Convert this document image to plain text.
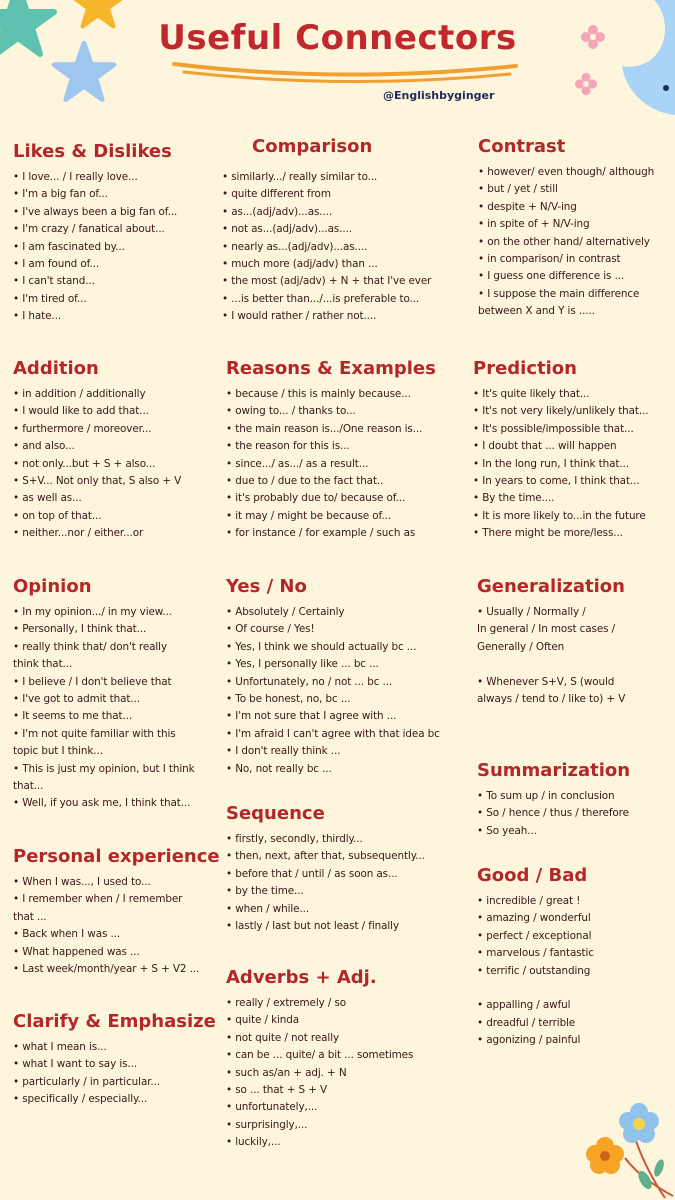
Useful Connectors
@Englishbyginger
Likes & Dislikes
• I love... / I really love...
• I'm a big fan of...
• I've always been a big fan of...
• I'm crazy / fanatical about...
• I am fascinated by...
• I am found of...
• I can't stand...
• I'm tired of...
• I hate...
Addition
• in addition / additionally
• I would like to add that...
• furthermore / moreover...
• and also...
• not only...but + S + also...
• S+V... Not only that, S also + V
• as well as...
• on top of that...
• neither...nor / either...or
Opinion
• In my opinion.../ in my view...
• Personally, I think that...
• really think that/ don't really
think that...
• I believe / I don't believe that
• I've got to admit that...
• It seems to me that...
• I'm not quite familiar with this
topic but I think...
• This is just my opinion, but I think
that...
• Well, if you ask me, I think that...
Personal experience
• When I was..., I used to...
• I remember when / I remember
that ...
• Back when I was ...
• What happened was ...
• Last week/month/year + S + V2 ...
Clarify & Emphasize
• what I mean is...
• what I want to say is...
• particularly / in particular...
• specifically / especially...
Comparison
• similarly.../ really similar to...
• quite different from
• as...(adj/adv)...as....
• not as...(adj/adv)...as....
• nearly as...(adj/adv)...as....
• much more (adj/adv) than ...
• the most (adj/adv) + N + that I've ever
• ...is better than.../...is preferable to...
• I would rather / rather not....
Reasons & Examples
• because / this is mainly because...
• owing to... / thanks to...
• the main reason is.../One reason is...
• the reason for this is...
• since.../ as.../ as a result...
• due to / due to the fact that..
• it's probably due to/ because of...
• it may / might be because of...
• for instance / for example / such as
Yes / No
• Absolutely / Certainly
• Of course / Yes!
• Yes, I think we should actually bc ...
• Yes, I personally like ... bc ...
• Unfortunately, no / not ... bc ...
• To be honest, no, bc ...
• I'm not sure that I agree with ...
• I'm afraid I can't agree with that idea bc
• I don't really think ...
• No, not really bc ...
Sequence
• firstly, secondly, thirdly...
• then, next, after that, subsequently...
• before that / until / as soon as...
• by the time...
• when / while...
• lastly / last but not least / finally
Adverbs + Adj.
• really / extremely / so
• quite / kinda
• not quite / not really
• can be ... quite/ a bit ... sometimes
• such as/an + adj. + N
• so ... that + S + V
• unfortunately,...
• surprisingly,...
• luckily,...
Contrast
• however/ even though/ although
• but / yet / still
• despite + N/V-ing
• in spite of + N/V-ing
• on the other hand/ alternatively
• in comparison/ in contrast
• I guess one difference is ...
• I suppose the main difference
between X and Y is .....
Prediction
• It's quite likely that...
• It's not very likely/unlikely that...
• It's possible/impossible that...
• I doubt that ... will happen
• In the long run, I think that...
• In years to come, I think that...
• By the time....
• It is more likely to...in the future
• There might be more/less...
Generalization
• Usually / Normally /
In general / In most cases /
Generally / Often
• Whenever S+V, S (would
always / tend to / like to) + V
Summarization
• To sum up / in conclusion
• So / hence / thus / therefore
• So yeah...
Good / Bad
• incredible / great !
• amazing / wonderful
• perfect / exceptional
• marvelous / fantastic
• terrific / outstanding
• appalling / awful
• dreadful / terrible
• agonizing / painful
